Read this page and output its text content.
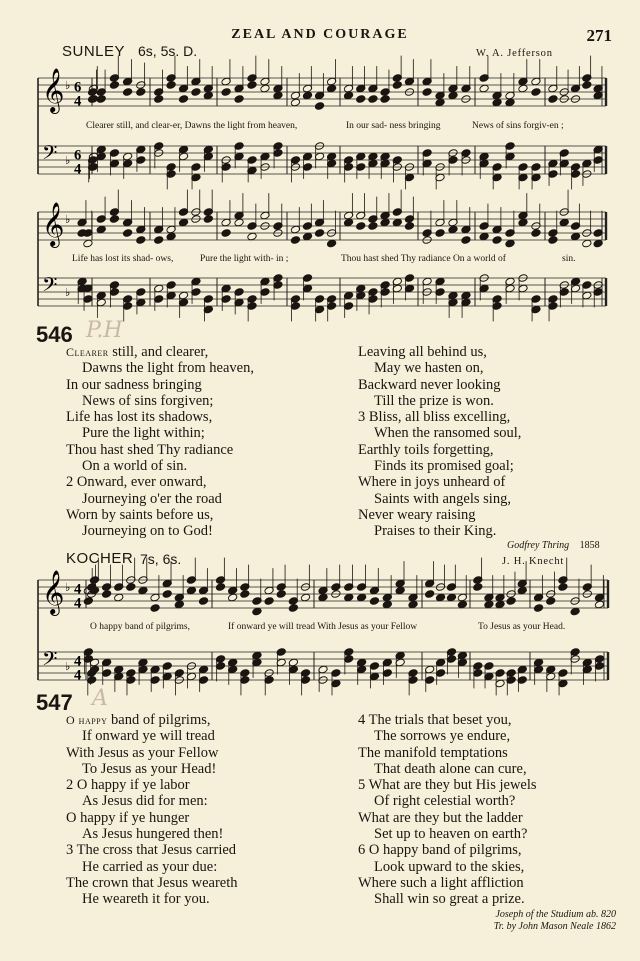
ZEAL AND COURAGE	271
SUNLEY 6s, 5s. D.	W. A. Jefferson
𝄞
𝄢
♭
♭
6
4
6
4
𝄞
𝄢
♭
♭
𝄞
𝄢
♭
♭
4
4
4
4
Clearer still, and clear-er, Dawns the light from heaven,	In our sad- ness bringing	News of sins forgiv-en ;
Life has lost its shad- ows,	Pure the light with- in ;	Thou hast shed Thy radiance On a world of	sin.
546 P.H
Clearer still, and clearer,
Dawns the light from heaven,
In our sadness bringing
News of sins forgiven;
Life has lost its shadows,
Pure the light within;
Thou hast shed Thy radiance
On a world of sin.
2 Onward, ever onward,
Journeying o'er the road
Worn by saints before us,
Journeying on to God!
Leaving all behind us,
May we hasten on,
Backward never looking
Till the prize is won.
3 Bliss, all bliss excelling,
When the ransomed soul,
Earthly toils forgetting,
Finds its promised goal;
Where in joys unheard of
Saints with angels sing,
Never weary raising
Praises to their King.
Godfrey Thring 1858
KOCHER 7s, 6s.	J. H. Knecht
O happy band of pilgrims,	If onward ye will tread With Jesus as your Fellow	To Jesus as your Head.
547 A
O happy band of pilgrims,
If onward ye will tread
With Jesus as your Fellow
To Jesus as your Head!
2 O happy if ye labor
As Jesus did for men:
O happy if ye hunger
As Jesus hungered then!
3 The cross that Jesus carried
He carried as your due:
The crown that Jesus weareth
He weareth it for you.
4 The trials that beset you,
The sorrows ye endure,
The manifold temptations
That death alone can cure,
5 What are they but His jewels
Of right celestial worth?
What are they but the ladder
Set up to heaven on earth?
6 O happy band of pilgrims,
Look upward to the skies,
Where such a light affliction
Shall win so great a prize.
Joseph of the Studium ab. 820
Tr. by John Mason Neale 1862
